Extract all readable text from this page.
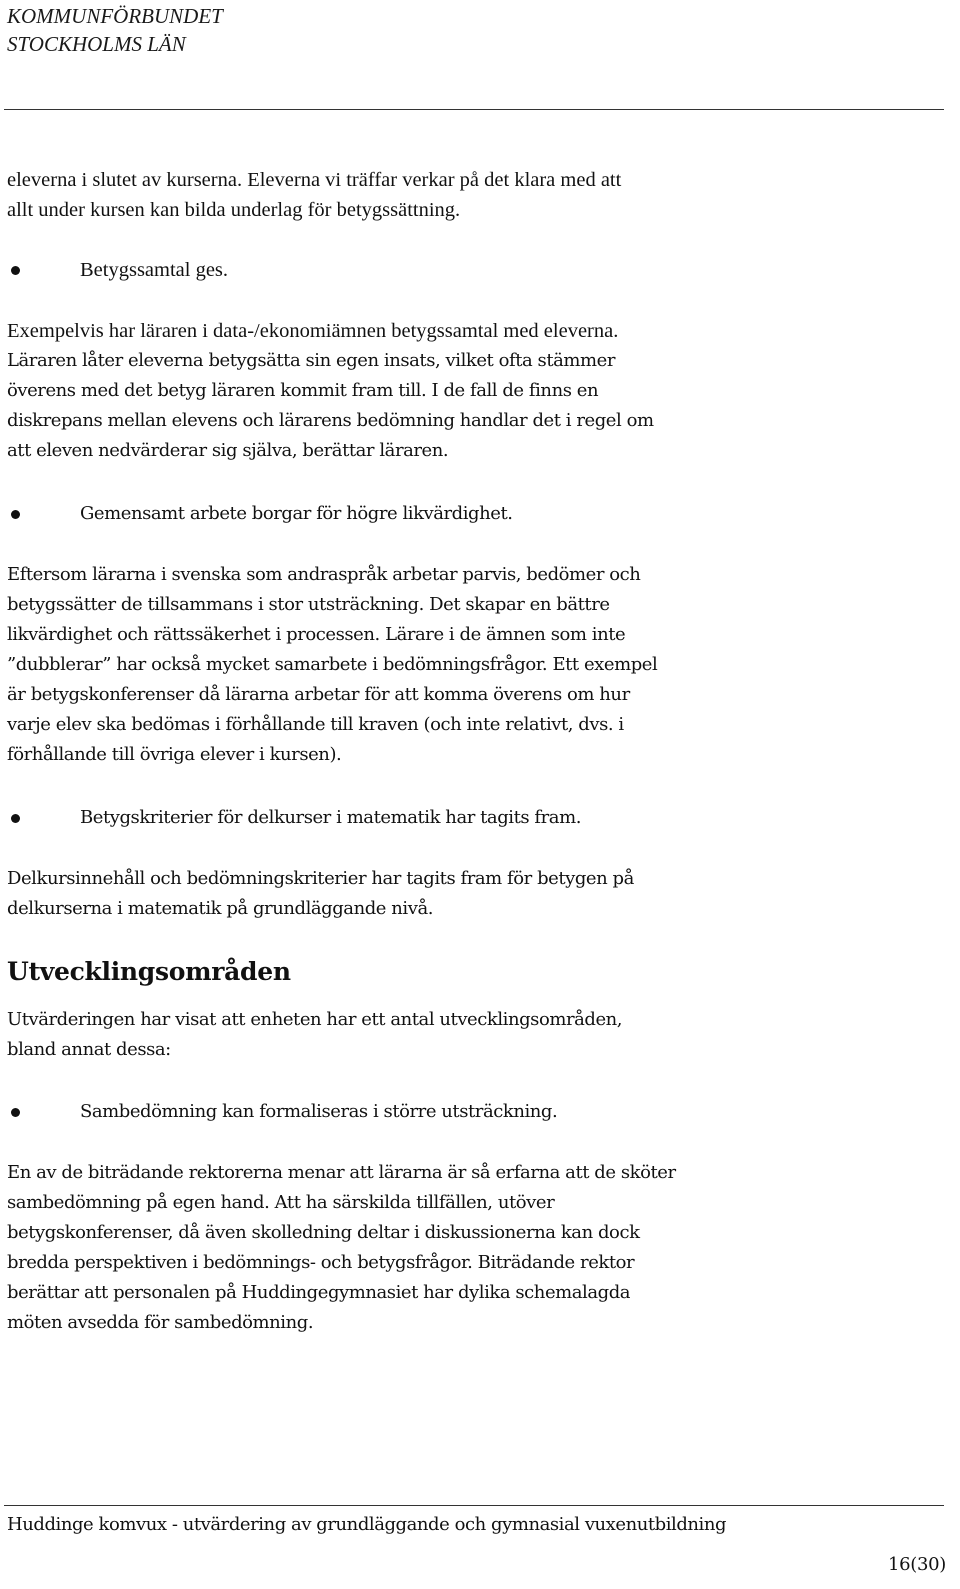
KOMMUNFÖRBUNDET
STOCKHOLMS LÄN

eleverna i slutet av kurserna. Eleverna vi träffar verkar på det klara med att

allt under kursen kan bilda underlag för betygssättning.

Betygssamtal ges.

Exempelvis har läraren i data-/ekonomiämnen betygssamtal med eleverna.

Läraren låter eleverna betygsätta sin egen insats, vilket ofta stämmer

överens med det betyg läraren kommit fram till. I de fall de finns en

diskrepans mellan elevens och lärarens bedömning handlar det i regel om

att eleven nedvärderar sig själva, berättar läraren.

Gemensamt arbete borgar för högre likvärdighet.

Eftersom lärarna i svenska som andraspråk arbetar parvis, bedömer och

betygssätter de tillsammans i stor utsträckning. Det skapar en bättre

likvärdighet och rättssäkerhet i processen. Lärare i de ämnen som inte

”dubblerar” har också mycket samarbete i bedömningsfrågor. Ett exempel

är betygskonferenser då lärarna arbetar för att komma överens om hur

varje elev ska bedömas i förhållande till kraven (och inte relativt, dvs. i

förhållande till övriga elever i kursen).

Betygskriterier för delkurser i matematik har tagits fram.

Delkursinnehåll och bedömningskriterier har tagits fram för betygen på

delkurserna i matematik på grundläggande nivå.

Utvecklingsområden

Utvärderingen har visat att enheten har ett antal utvecklingsområden,

bland annat dessa:

Sambedömning kan formaliseras i större utsträckning.

En av de biträdande rektorerna menar att lärarna är så erfarna att de sköter

sambedömning på egen hand. Att ha särskilda tillfällen, utöver

betygskonferenser, då även skolledning deltar i diskussionerna kan dock

bredda perspektiven i bedömnings- och betygsfrågor. Biträdande rektor

berättar att personalen på Huddingegymnasiet har dylika schemalagda

möten avsedda för sambedömning.

Huddinge komvux - utvärdering av grundläggande och gymnasial vuxenutbildning

16(30)
